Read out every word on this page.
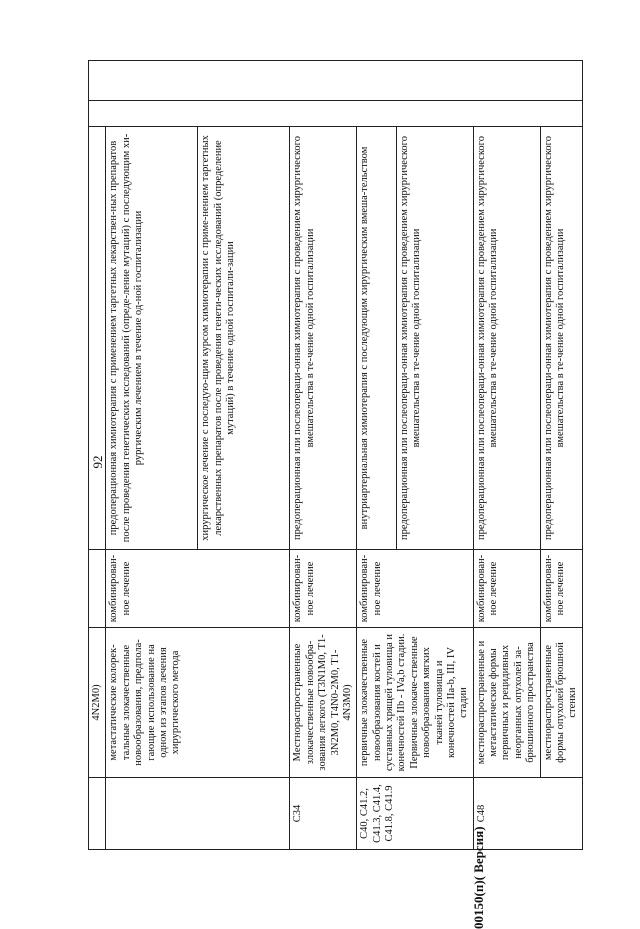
92
	4N2M0)				
	метастатические колорек-тальные злокачественные новообразования, предпола-гающие использование на одном из этапов лечения хирургического метода	комбинирован-ное лечение	предоперационная химиотерапия с применением таргетных лекарствен-ных препаратов после проведения генетических исследований (опреде-ление мутаций) с последующим хи-рургическим лечением в течение од-ной госпитализации		
			хирургическое лечение с последую-щим курсом химиотерапии с приме-нением таргетных лекарственных препаратов после проведения генети-ческих исследований (определение мутаций) в течение одной госпитали-зации		
C34	Местнораспространенные злокачественные новообра-зования легкого (T3N1M0, T1-3N2M0, T4N0-2M0, T1-4N3M0)	комбинирован-ное лечение	предоперационная или послеопераци-онная химиотерапия с проведением хирургического вмешательства в те-чение одной госпитализации		
C40, C41.2, C41.3, C41.4, C41.8, C41.9	первичные злокачественные новообразования костей и суставных хрящей туловища и конечностей IIb - IVa,b стадии. Первичные злокаче-ственные новообразования мягких тканей туловища и конечностей IIa-b, III, IV стадии	комбинирован-ное лечение	внутриартериальная химиотерапия с последующим хирургическим вмеша-тельством		
			предоперационная или послеопераци-онная химиотерапия с проведением хирургического вмешательства в те-чение одной госпитализации		
C48	местнораспространенные и метастатические формы первичных и рецидивных неорганных опухолей за-брюшинного пространства	комбинирован-ное лечение	предоперационная или послеопераци-онная химиотерапия с проведением хирургического вмешательства в те-чение одной госпитализации		
	местнораспространенные формы опухолей брюшной стенки	комбинирован-ное лечение	предоперационная или послеопераци-онная химиотерапия с проведением хирургического вмешательства в те-чение одной госпитализации		
00150(п)( Версия)
